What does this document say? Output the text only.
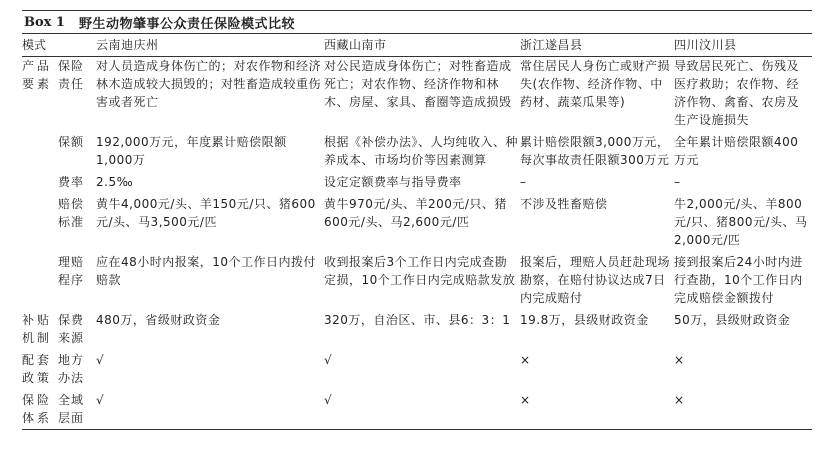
Box 1 野生动物肇事公众责任保险模式比较
模式		云南迪庆州	西藏山南市	浙江遂昌县	四川汶川县
产品要素	保险责任	对人员造成身体伤亡的；对农作物和经济林木造成较大损毁的；对牲畜造成较重伤害或者死亡	对公民造成身体伤亡；对牲畜造成死亡；对农作物、经济作物和林木、房屋、家具、畜圈等造成损毁	常住居民人身伤亡或财产损失(农作物、经济作物、中药材、蔬菜瓜果等)	导致居民死亡、伤残及医疗救助；农作物、经济作物、禽畜、农房及生产设施损失
	保额	192,000万元，年度累计赔偿限额1,000万	根据《补偿办法》、人均纯收入、种养成本、市场均价等因素测算	累计赔偿限额3,000万元，每次事故责任限额300万元	全年累计赔偿限额400万元
	费率	2.5‰	设定定额费率与指导费率	–	–
	赔偿标准	黄牛4,000元/头、羊150元/只、猪600元/头、马3,500元/匹	黄牛970元/头、羊200元/只、猪600元/头、马2,600元/匹	不涉及牲畜赔偿	牛2,000元/头、羊800元/只、猪800元/头、马2,000元/匹
	理赔程序	应在48小时内报案，10个工作日内拨付赔款	收到报案后3个工作日内完成查勘定损，10个工作日内完成赔款发放	报案后，理赔人员赶赴现场勘察，在赔付协议达成7日内完成赔付	接到报案后24小时内进行查勘，10个工作日内完成赔偿金额拨付
补贴机制	保费来源	480万，省级财政资金	320万，自治区、市、县6：3：1	19.8万，县级财政资金	50万，县级财政资金
配套政策	地方办法	√	√	×	×
保险体系	全域层面	√	√	×	×
